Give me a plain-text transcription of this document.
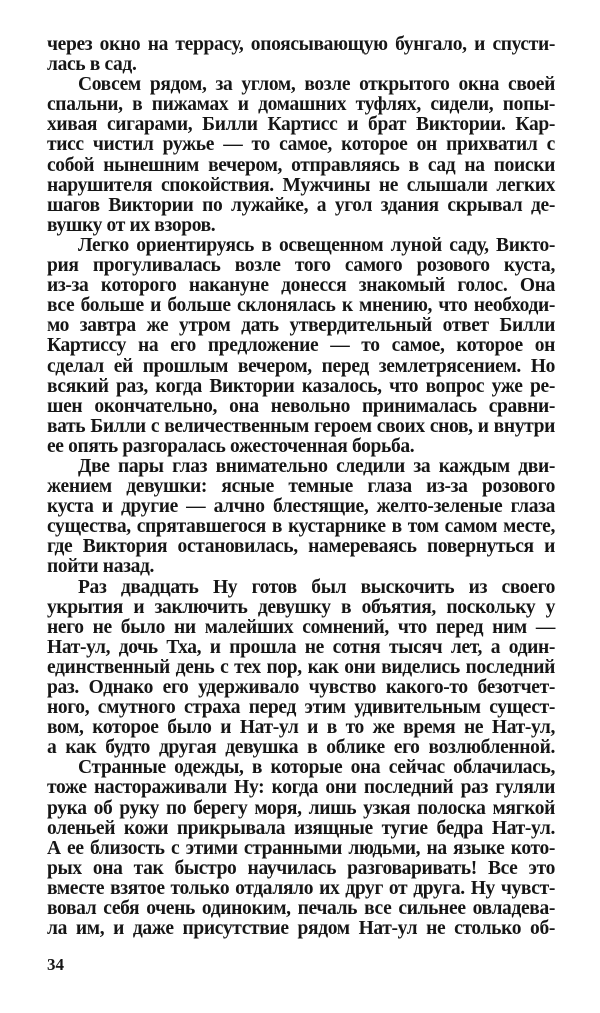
через окно на террасу, опоясывающую бунгало, и спусти-
лась в сад.
Совсем рядом, за углом, возле открытого окна своей
спальни, в пижамах и домашних туфлях, сидели, попы-
хивая сигарами, Билли Картисс и брат Виктории. Кар-
тисс чистил ружье — то самое, которое он прихватил с
собой нынешним вечером, отправляясь в сад на поиски
нарушителя спокойствия. Мужчины не слышали легких
шагов Виктории по лужайке, а угол здания скрывал де-
вушку от их взоров.
Легко ориентируясь в освещенном луной саду, Викто-
рия прогуливалась возле того самого розового куста,
из-за которого накануне донесся знакомый голос. Она
все больше и больше склонялась к мнению, что необходи-
мо завтра же утром дать утвердительный ответ Билли
Картиссу на его предложение — то самое, которое он
сделал ей прошлым вечером, перед землетрясением. Но
всякий раз, когда Виктории казалось, что вопрос уже ре-
шен окончательно, она невольно принималась сравни-
вать Билли с величественным героем своих снов, и внутри
ее опять разгоралась ожесточенная борьба.
Две пары глаз внимательно следили за каждым дви-
жением девушки: ясные темные глаза из-за розового
куста и другие — алчно блестящие, желто-зеленые глаза
существа, спрятавшегося в кустарнике в том самом месте,
где Виктория остановилась, намереваясь повернуться и
пойти назад.
Раз двадцать Ну готов был выскочить из своего
укрытия и заключить девушку в объятия, поскольку у
него не было ни малейших сомнений, что перед ним —
Нат-ул, дочь Тха, и прошла не сотня тысяч лет, а один-
единственный день с тех пор, как они виделись последний
раз. Однако его удерживало чувство какого-то безотчет-
ного, смутного страха перед этим удивительным сущест-
вом, которое было и Нат-ул и в то же время не Нат-ул,
а как будто другая девушка в облике его возлюбленной.
Странные одежды, в которые она сейчас облачилась,
тоже настораживали Ну: когда они последний раз гуляли
рука об руку по берегу моря, лишь узкая полоска мягкой
оленьей кожи прикрывала изящные тугие бедра Нат-ул.
А ее близость с этими странными людьми, на языке кото-
рых она так быстро научилась разговаривать! Все это
вместе взятое только отдаляло их друг от друга. Ну чувст-
вовал себя очень одиноким, печаль все сильнее овладева-
ла им, и даже присутствие рядом Нат-ул не столько об-
34
